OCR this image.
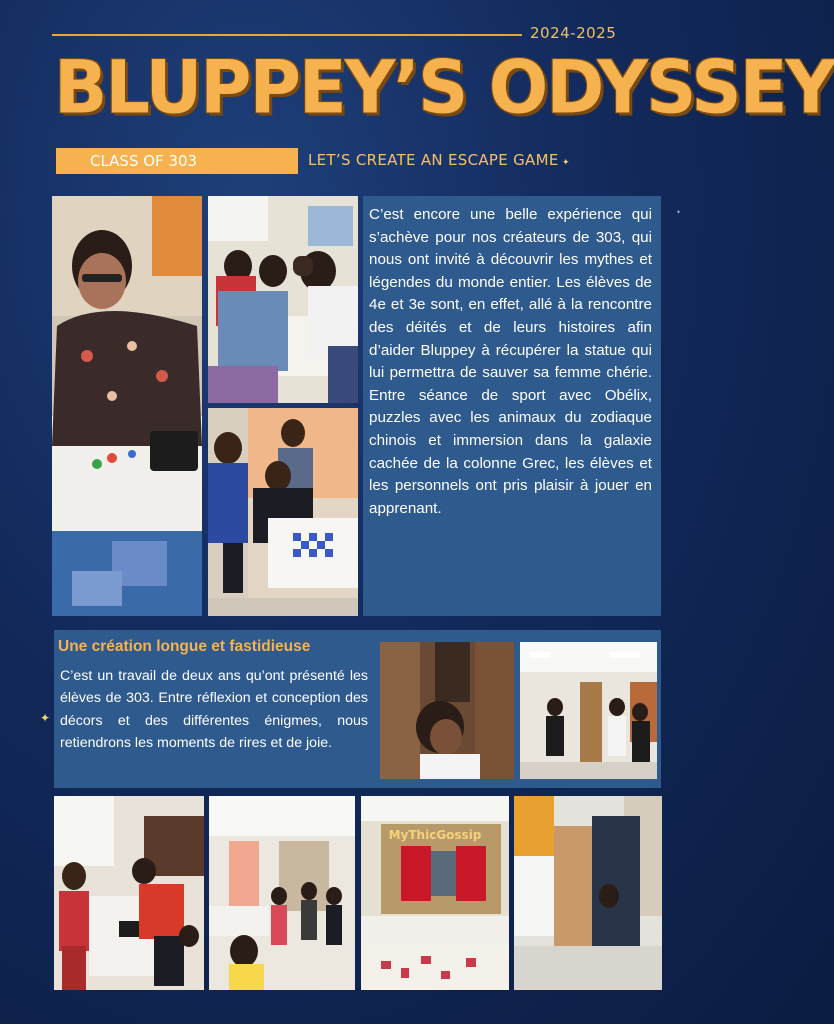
✦
✦
✦
2024-2025
BLUPPEY’S ODYSSEY
CLASS OF 303	LET’S CREATE AN ESCAPE GAME

C’est encore une belle expérience qui s’achève pour nos créateurs de 303, qui nous ont invité à découvrir les mythes et légendes du monde entier. Les élèves de 4e et 3e sont, en effet, allé à la rencontre des déités et de leurs histoires afin d’aider Bluppey à récupérer la statue qui lui permettra de sauver sa femme chérie. Entre séance de sport avec Obélix, puzzles avec les animaux du zodiaque chinois et immersion dans la galaxie cachée de la colonne Grec, les élèves et les personnels ont pris plaisir à jouer en apprenant.

Une création longue et fastidieuse

C’est un travail de deux ans qu’ont présenté les élèves de 303. Entre réflexion et conception des décors et des différentes énigmes, nous retiendrons les moments de rires et de joie.

MyThicGossip
